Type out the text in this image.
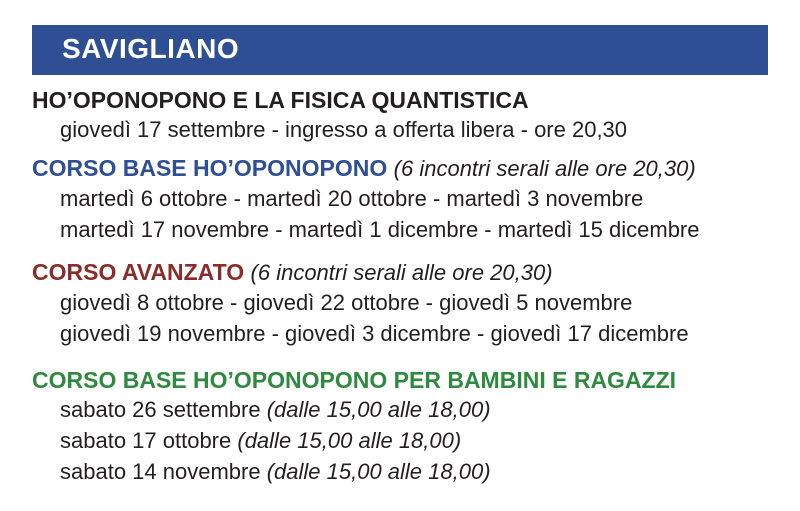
SAVIGLIANO
HO’OPONOPONO E LA FISICA QUANTISTICA
giovedì 17 settembre - ingresso a offerta libera - ore 20,30
CORSO BASE HO’OPONOPONO (6 incontri serali alle ore 20,30)
martedì 6 ottobre - martedì 20 ottobre - martedì 3 novembre
martedì 17 novembre - martedì 1 dicembre - martedì 15 dicembre
CORSO AVANZATO (6 incontri serali alle ore 20,30)
giovedì 8 ottobre - giovedì 22 ottobre - giovedì 5 novembre
giovedì 19 novembre - giovedì 3 dicembre - giovedì 17 dicembre
CORSO BASE HO’OPONOPONO PER BAMBINI E RAGAZZI
sabato 26 settembre (dalle 15,00 alle 18,00)
sabato 17 ottobre (dalle 15,00 alle 18,00)
sabato 14 novembre (dalle 15,00 alle 18,00)
